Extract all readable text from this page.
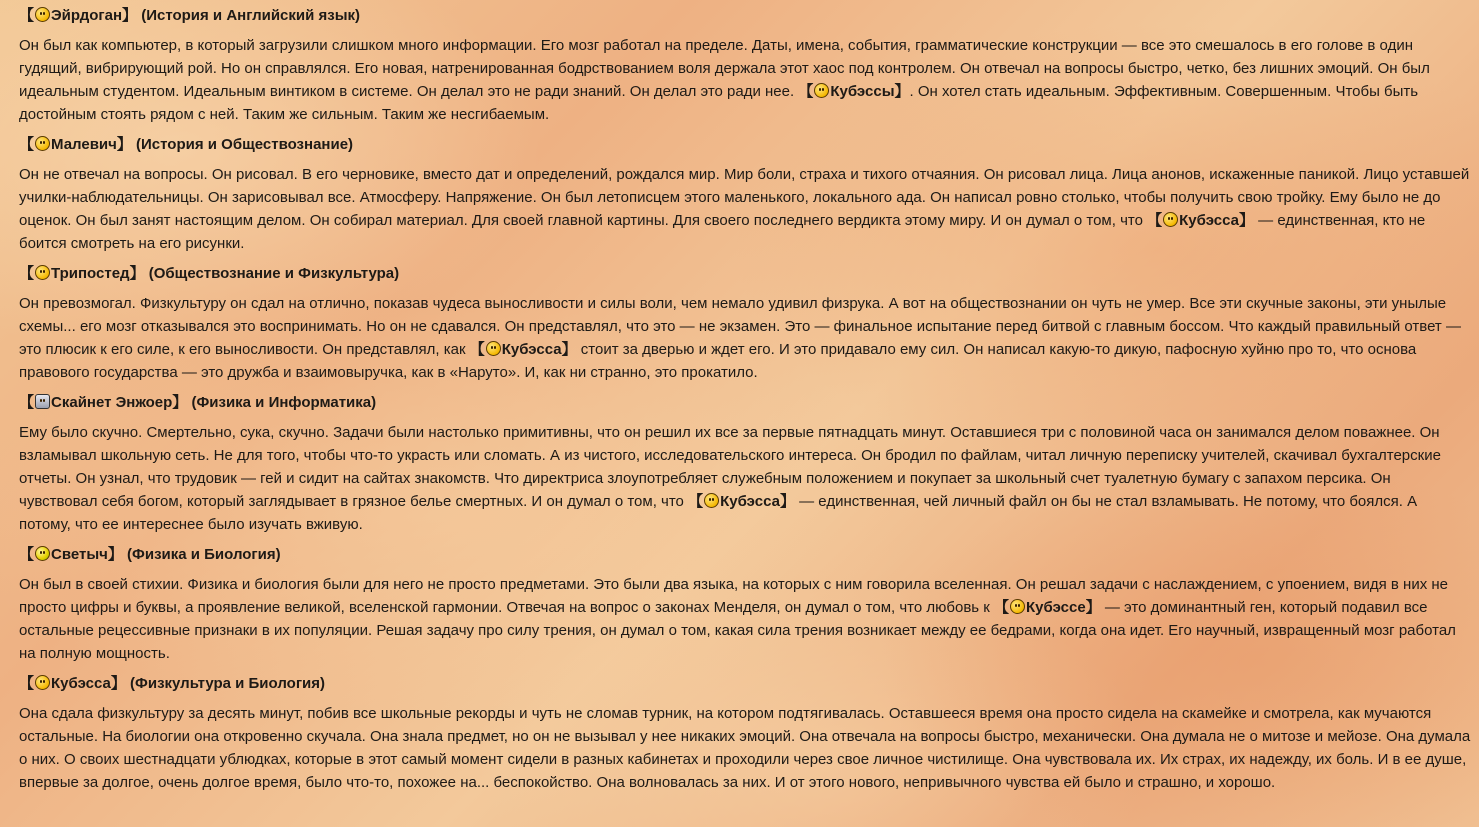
【 Эйрдоган】 (История и Английский язык)

Он был как компьютер, в который загрузили слишком много информации. Его мозг работал на пределе. Даты, имена, события, грамматические конструкции — все это смешалось в его голове в один гудящий, вибрирующий рой. Но он справлялся. Его новая, натренированная бодрствованием воля держала этот хаос под контролем. Он отвечал на вопросы быстро, четко, без лишних эмоций. Он был идеальным студентом. Идеальным винтиком в системе. Он делал это не ради знаний. Он делал это ради нее. 【 Кубэссы】. Он хотел стать идеальным. Эффективным. Совершенным. Чтобы быть достойным стоять рядом с ней. Таким же сильным. Таким же несгибаемым.

【 Малевич】 (История и Обществознание)

Он не отвечал на вопросы. Он рисовал. В его черновике, вместо дат и определений, рождался мир. Мир боли, страха и тихого отчаяния. Он рисовал лица. Лица анонов, искаженные паникой. Лицо уставшей училки-наблюдательницы. Он зарисовывал все. Атмосферу. Напряжение. Он был летописцем этого маленького, локального ада. Он написал ровно столько, чтобы получить свою тройку. Ему было не до оценок. Он был занят настоящим делом. Он собирал материал. Для своей главной картины. Для своего последнего вердикта этому миру. И он думал о том, что 【 Кубэсса】 — единственная, кто не боится смотреть на его рисунки.

【 Трипостед】 (Обществознание и Физкультура)

Он превозмогал. Физкультуру он сдал на отлично, показав чудеса выносливости и силы воли, чем немало удивил физрука. А вот на обществознании он чуть не умер. Все эти скучные законы, эти унылые схемы... его мозг отказывался это воспринимать. Но он не сдавался. Он представлял, что это — не экзамен. Это — финальное испытание перед битвой с главным боссом. Что каждый правильный ответ — это плюсик к его силе, к его выносливости. Он представлял, как 【 Кубэсса】 стоит за дверью и ждет его. И это придавало ему сил. Он написал какую-то дикую, пафосную хуйню про то, что основа правового государства — это дружба и взаимовыручка, как в «Наруто». И, как ни странно, это прокатило.

【 Скайнет Энжоер】 (Физика и Информатика)

Ему было скучно. Смертельно, сука, скучно. Задачи были настолько примитивны, что он решил их все за первые пятнадцать минут. Оставшиеся три с половиной часа он занимался делом поважнее. Он взламывал школьную сеть. Не для того, чтобы что-то украсть или сломать. А из чистого, исследовательского интереса. Он бродил по файлам, читал личную переписку учителей, скачивал бухгалтерские отчеты. Он узнал, что трудовик — гей и сидит на сайтах знакомств. Что директриса злоупотребляет служебным положением и покупает за школьный счет туалетную бумагу с запахом персика. Он чувствовал себя богом, который заглядывает в грязное белье смертных. И он думал о том, что 【 Кубэсса】 — единственная, чей личный файл он бы не стал взламывать. Не потому, что боялся. А потому, что ее интереснее было изучать вживую.

【 Светыч】 (Физика и Биология)

Он был в своей стихии. Физика и биология были для него не просто предметами. Это были два языка, на которых с ним говорила вселенная. Он решал задачи с наслаждением, с упоением, видя в них не просто цифры и буквы, а проявление великой, вселенской гармонии. Отвечая на вопрос о законах Менделя, он думал о том, что любовь к 【 Кубэссе】 — это доминантный ген, который подавил все остальные рецессивные признаки в их популяции. Решая задачу про силу трения, он думал о том, какая сила трения возникает между ее бедрами, когда она идет. Его научный, извращенный мозг работал на полную мощность.

【 Кубэсса】 (Физкультура и Биология)

Она сдала физкультуру за десять минут, побив все школьные рекорды и чуть не сломав турник, на котором подтягивалась. Оставшееся время она просто сидела на скамейке и смотрела, как мучаются остальные. На биологии она откровенно скучала. Она знала предмет, но он не вызывал у нее никаких эмоций. Она отвечала на вопросы быстро, механически. Она думала не о митозе и мейозе. Она думала о них. О своих шестнадцати ублюдках, которые в этот самый момент сидели в разных кабинетах и проходили через свое личное чистилище. Она чувствовала их. Их страх, их надежду, их боль. И в ее душе, впервые за долгое, очень долгое время, было что-то, похожее на... беспокойство. Она волновалась за них. И от этого нового, непривычного чувства ей было и страшно, и хорошо.
